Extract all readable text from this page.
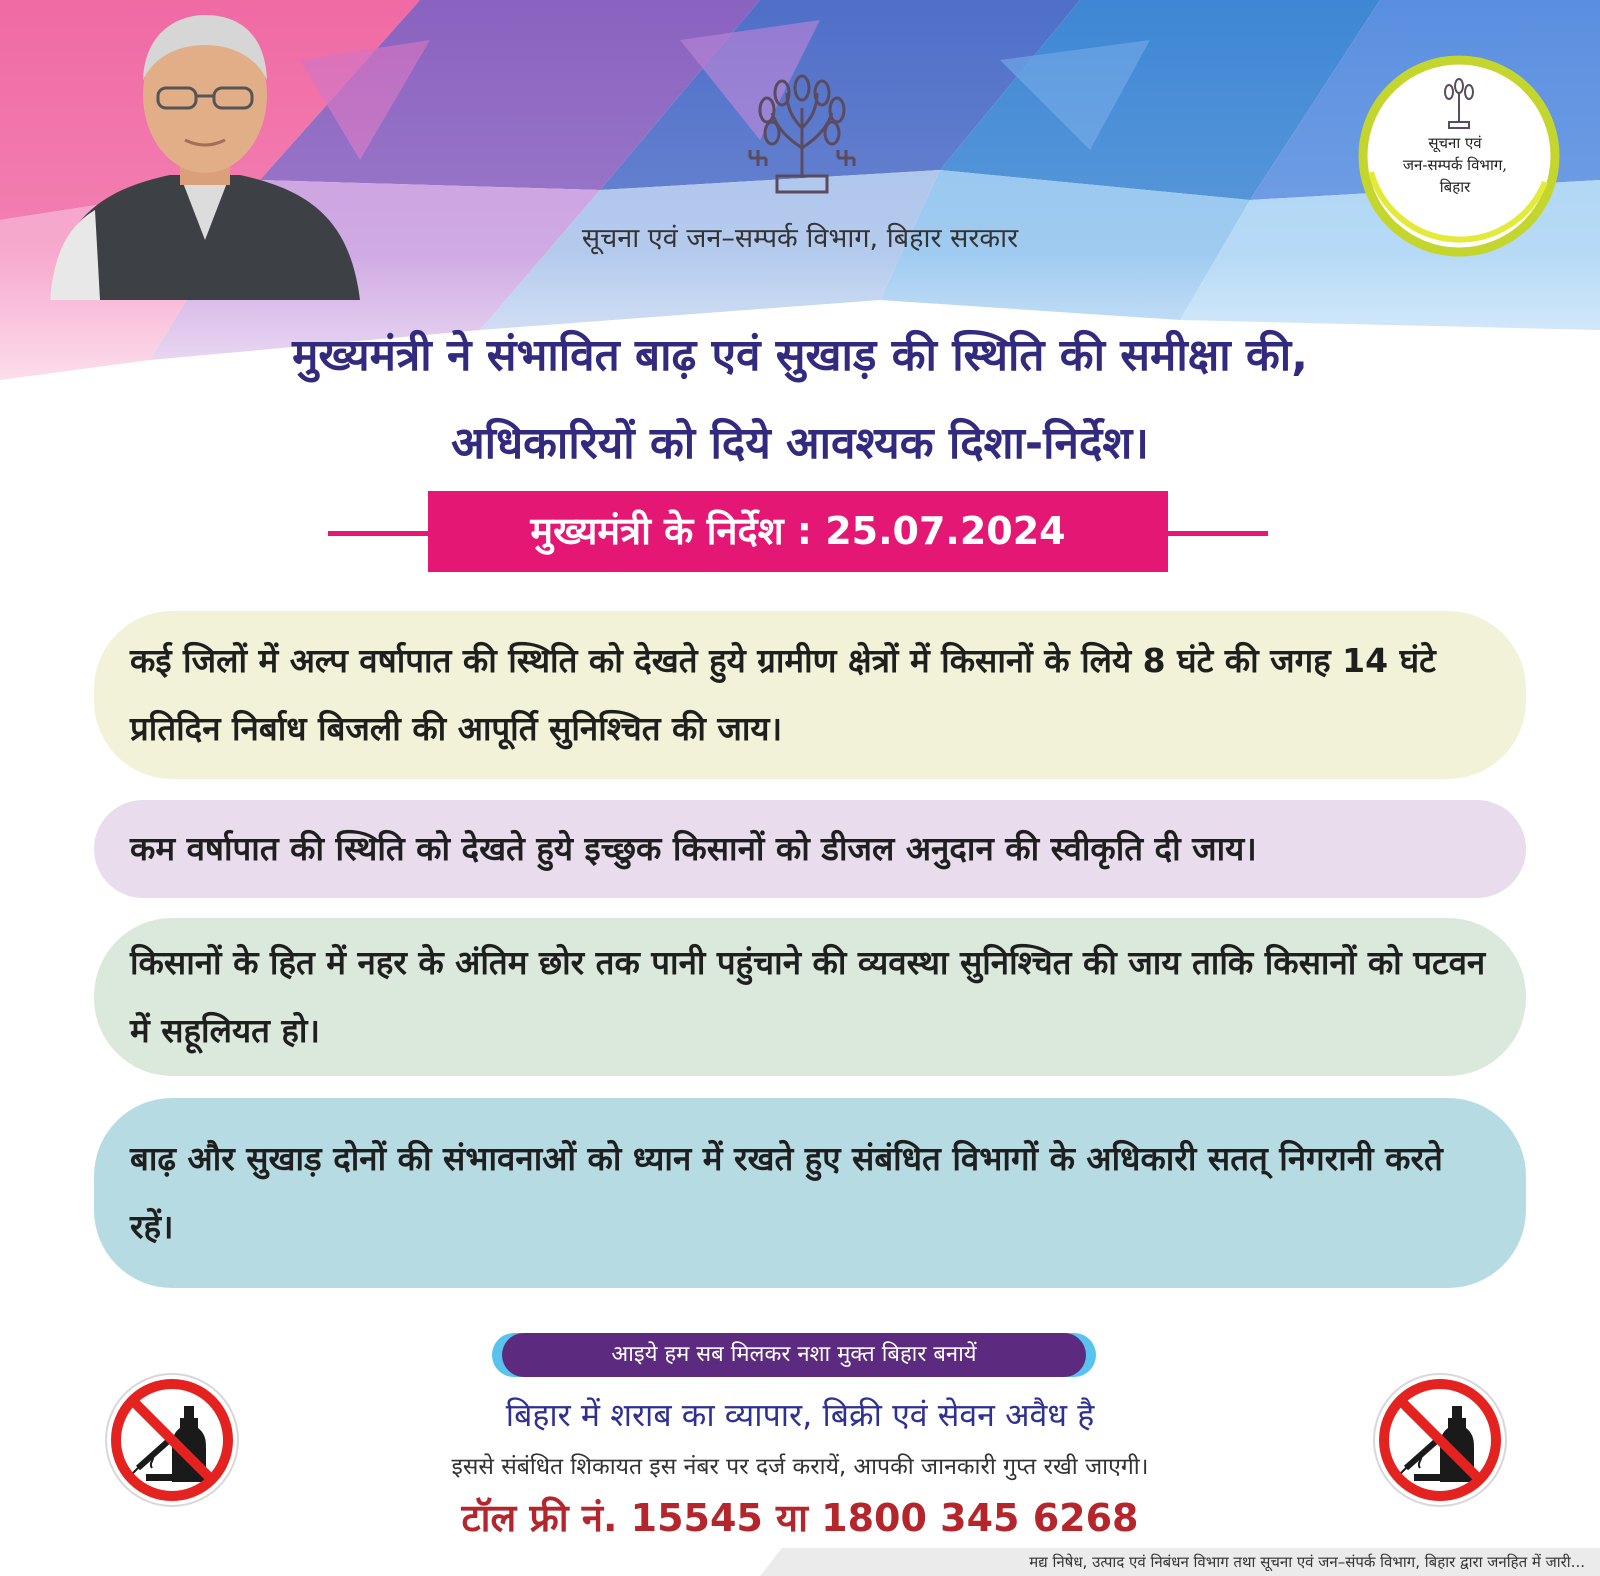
सूचना एवं जन–सम्पर्क विभाग, बिहार सरकार
सूचना एवं
जन-सम्पर्क विभाग,
बिहार
मुख्यमंत्री ने संभावित बाढ़ एवं सुखाड़ की स्थिति की समीक्षा की,
अधिकारियों को दिये आवश्यक दिशा-निर्देश।
मुख्यमंत्री के निर्देश : 25.07.2024
कई जिलों में अल्प वर्षापात की स्थिति को देखते हुये ग्रामीण क्षेत्रों में किसानों के लिये 8 घंटे की जगह 14 घंटे प्रतिदिन निर्बाध बिजली की आपूर्ति सुनिश्चित की जाय।
कम वर्षापात की स्थिति को देखते हुये इच्छुक किसानों को डीजल अनुदान की स्वीकृति दी जाय।
किसानों के हित में नहर के अंतिम छोर तक पानी पहुंचाने की व्यवस्था सुनिश्चित की जाय ताकि किसानों को पटवन में सहूलियत हो।
बाढ़ और सुखाड़ दोनों की संभावनाओं को ध्यान में रखते हुए संबंधित विभागों के अधिकारी सतत् निगरानी करते रहें।
आइये हम सब मिलकर नशा मुक्त बिहार बनायें
बिहार में शराब का व्यापार, बिक्री एवं सेवन अवैध है
इससे संबंधित शिकायत इस नंबर पर दर्ज करायें, आपकी जानकारी गुप्त रखी जाएगी।
टॉल फ्री नं. 15545 या 1800 345 6268
मद्य निषेध, उत्पाद एवं निबंधन विभाग तथा सूचना एवं जन–संपर्क विभाग, बिहार द्वारा जनहित में जारी...
